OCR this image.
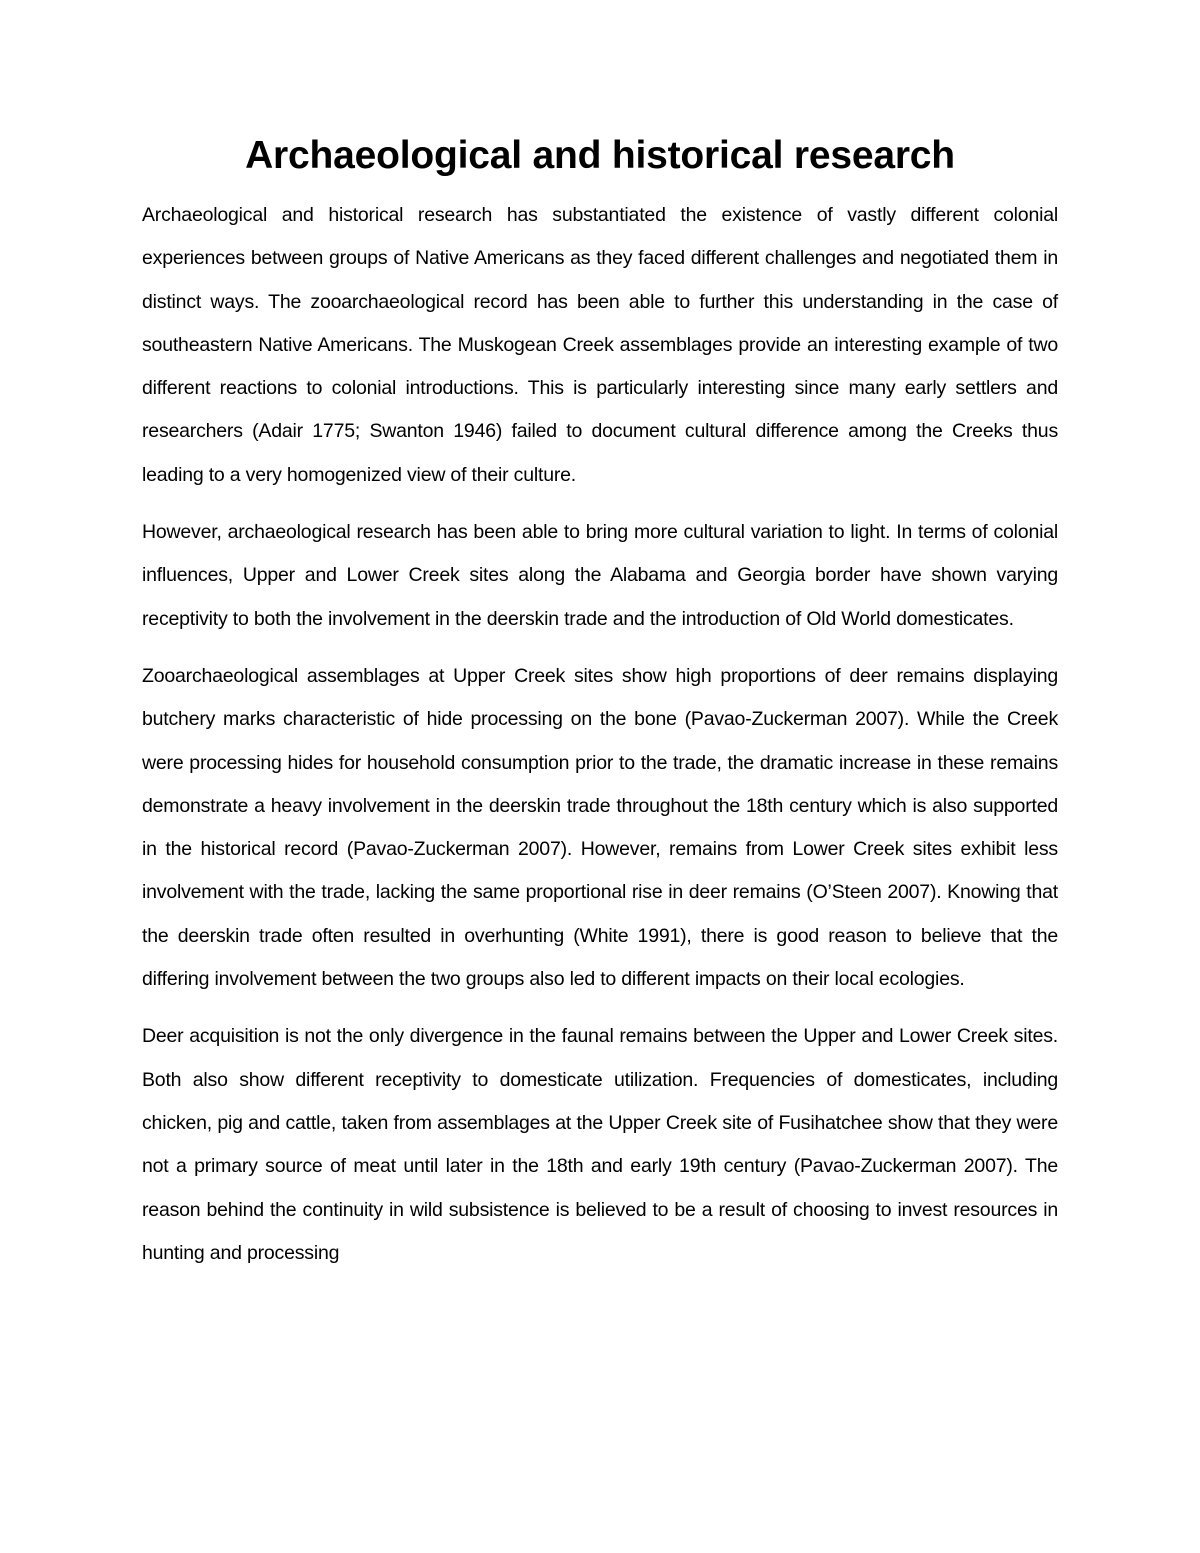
Archaeological and historical research

Archaeological and historical research has substantiated the existence of vastly different colonial experiences between groups of Native Americans as they faced different challenges and negotiated them in distinct ways. The zooarchaeological record has been able to further this understanding in the case of southeastern Native Americans. The Muskogean Creek assemblages provide an interesting example of two different reactions to colonial introductions. This is particularly interesting since many early settlers and researchers (Adair 1775; Swanton 1946) failed to document cultural difference among the Creeks thus leading to a very homogenized view of their culture.

However, archaeological research has been able to bring more cultural variation to light. In terms of colonial influences, Upper and Lower Creek sites along the Alabama and Georgia border have shown varying receptivity to both the involvement in the deerskin trade and the introduction of Old World domesticates.

Zooarchaeological assemblages at Upper Creek sites show high proportions of deer remains displaying butchery marks characteristic of hide processing on the bone (Pavao-Zuckerman 2007). While the Creek were processing hides for household consumption prior to the trade, the dramatic increase in these remains demonstrate a heavy involvement in the deerskin trade throughout the 18th century which is also supported in the historical record (Pavao-Zuckerman 2007). However, remains from Lower Creek sites exhibit less involvement with the trade, lacking the same proportional rise in deer remains (O’Steen 2007). Knowing that the deerskin trade often resulted in overhunting (White 1991), there is good reason to believe that the differing involvement between the two groups also led to different impacts on their local ecologies.

Deer acquisition is not the only divergence in the faunal remains between the Upper and Lower Creek sites. Both also show different receptivity to domesticate utilization. Frequencies of domesticates, including chicken, pig and cattle, taken from assemblages at the Upper Creek site of Fusihatchee show that they were not a primary source of meat until later in the 18th and early 19th century (Pavao-Zuckerman 2007). The reason behind the continuity in wild subsistence is believed to be a result of choosing to invest resources in hunting and processing
